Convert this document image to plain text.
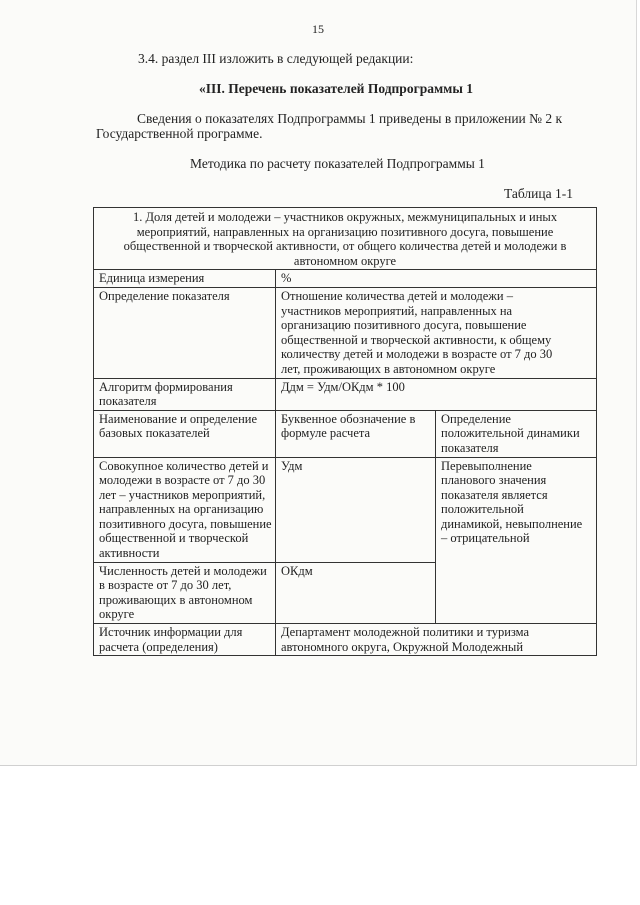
15
3.4. раздел III изложить в следующей редакции:
«III. Перечень показателей Подпрограммы 1
Сведения о показателях Подпрограммы 1 приведены в приложении № 2 к
Государственной программе.
Методика по расчету показателей Подпрограммы 1
Таблица 1-1
1. Доля детей и молодежи – участников окружных, межмуниципальных и иных мероприятий, направленных на организацию позитивного досуга, повышение общественной и творческой активности, от общего количества детей и молодежи в автономном округе		
Единица измерения	%	
Определение показателя	Отношение количества детей и молодежи – участников мероприятий, направленных на организацию позитивного досуга, повышение общественной и творческой активности, к общему количеству детей и молодежи в возрасте от 7 до 30 лет, проживающих в автономном округе	
Алгоритм формирования показателя	Ддм = Удм/ОКдм * 100	
Наименование и определение базовых показателей	Буквенное обозначение в формуле расчета	Определение положительной динамики показателя
Совокупное количество детей и молодежи в возрасте от 7 до 30 лет – участников мероприятий, направленных на организацию позитивного досуга, повышение общественной и творческой активности	Удм	Перевыполнение планового значения показателя является положительной динамикой, невыполнение – отрицательной
Численность детей и молодежи в возрасте от 7 до 30 лет, проживающих в автономном округе	ОКдм	
Источник информации для расчета (определения)	Департамент молодежной политики и туризма автономного округа, Окружной Молодежный	
